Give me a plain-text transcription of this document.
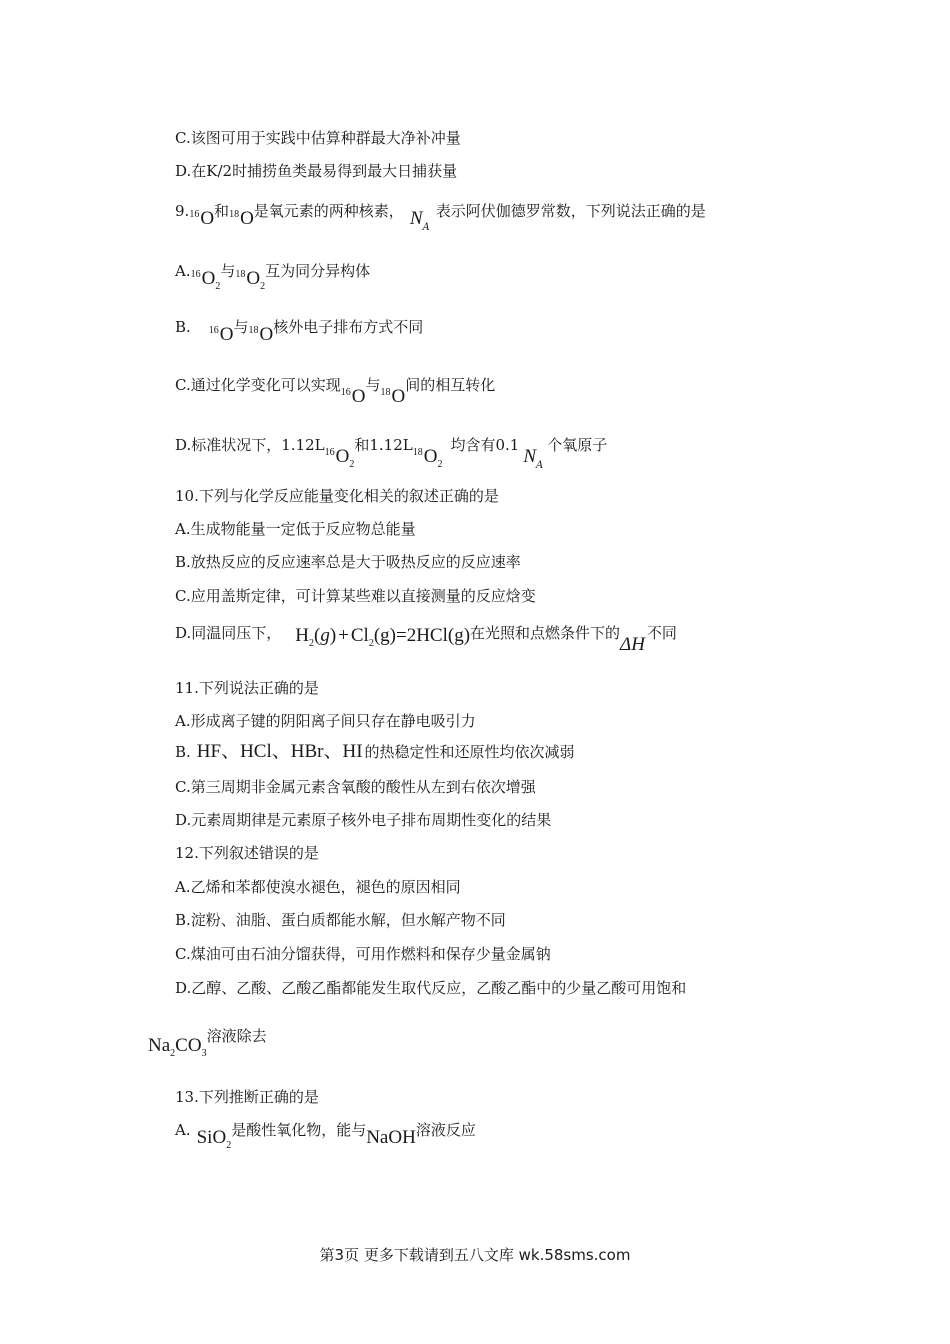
C.该图可用于实践中估算种群最大净补冲量
D.在K/2时捕捞鱼类最易得到最大日捕获量
9.16O和$^{18}$O是氧元素的两种核素， $N_A$表示阿伏伽德罗常数，下列说法正确的是
$A.^{16}O_2$与$^{18}O_2$互为同分异构体
B. $^{16}$O与$^{18}$O核外电子排布方式不同
C.通过化学变化可以实现$^{16}$O与$^{18}$O间的相互转化
D.标准状况下，$1.12L^{16}O_2$和$1.12L^{18}O_2$均含有$0.1N_A$个氧原子
10.下列与化学反应能量变化相关的叙述正确的是
A.生成物能量一定低于反应物总能量
B.放热反应的反应速率总是大于吸热反应的反应速率
C.应用盖斯定律，可计算某些难以直接测量的反应焓变
D.同温同压下， $H_2(g) + Cl_2(g)=2HCl(g)$在光照和点燃条件下的ΔH不同
11.下列说法正确的是
A.形成离子键的阴阳离子间只存在静电吸引力
B. HF、HCl、HBr、HI 的热稳定性和还原性均依次减弱
C.第三周期非金属元素含氧酸的酸性从左到右依次增强
D.元素周期律是元素原子核外电子排布周期性变化的结果
12.下列叙述错误的是
A.乙烯和苯都使溴水褪色，褪色的原因相同
B.淀粉、油脂、蛋白质都能水解，但水解产物不同
C.煤油可由石油分馏获得，可用作燃料和保存少量金属钠
D.乙醇、乙酸、乙酸乙酯都能发生取代反应，乙酸乙酯中的少量乙酸可用饱和
$Na_2CO_3$溶液除去
13.下列推断正确的是
A. SiO$_2$是酸性氧化物，能与NaOH溶液反应
第3页 更多下载请到五八文库 wk.58sms.com
